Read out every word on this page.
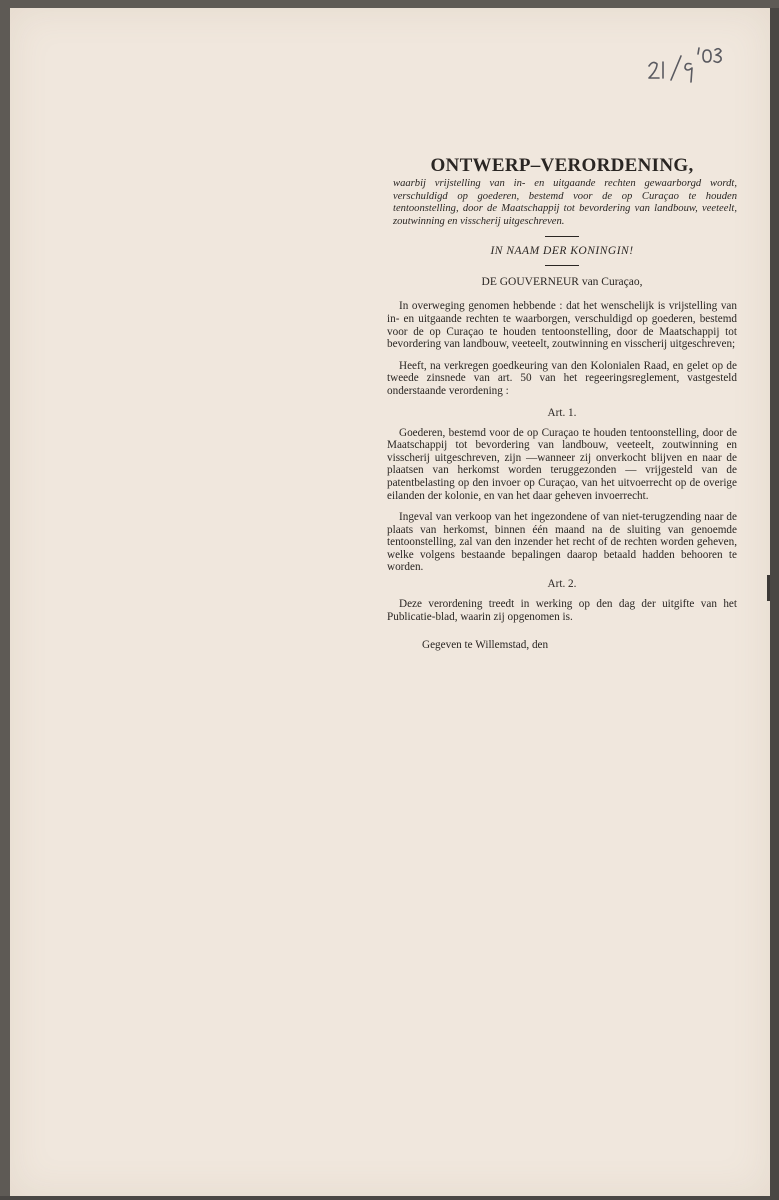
ONTWERP–VERORDENING,

waarbij vrijstelling van in- en uitgaande rechten gewaarborgd wordt, verschuldigd op goederen, bestemd voor de op Curaçao te houden tentoonstelling, door de Maatschappij tot bevordering van landbouw, veeteelt, zoutwinning en visscherij uitgeschreven.

IN NAAM DER KONINGIN!

DE GOUVERNEUR van Curaçao,

In overweging genomen hebbende : dat het wenschelijk is vrijstelling van in- en uitgaande rechten te waarborgen, verschuldigd op goederen, bestemd voor de op Curaçao te houden tentoonstelling, door de Maatschappij tot bevordering van landbouw, veeteelt, zoutwinning en visscherij uitgeschreven;

Heeft, na verkregen goedkeuring van den Kolonialen Raad, en gelet op de tweede zinsnede van art. 50 van het regeeringsreglement, vastgesteld onderstaande verordening :

Art. 1.

Goederen, bestemd voor de op Curaçao te houden tentoonstelling, door de Maatschappij tot bevordering van landbouw, veeteelt, zoutwinning en visscherij uitgeschreven, zijn —wanneer zij onverkocht blijven en naar de plaatsen van herkomst worden teruggezonden — vrijgesteld van de patentbelasting op den invoer op Curaçao, van het uitvoerrecht op de overige eilanden der kolonie, en van het daar geheven invoerrecht.

Ingeval van verkoop van het ingezondene of van niet-terugzending naar de plaats van herkomst, binnen één maand na de sluiting van genoemde tentoonstelling, zal van den inzender het recht of de rechten worden geheven, welke volgens bestaande bepalingen daarop betaald hadden behooren te worden.

Art. 2.

Deze verordening treedt in werking op den dag der uitgifte van het Publicatie-blad, waarin zij opgenomen is.

Gegeven te Willemstad, den
